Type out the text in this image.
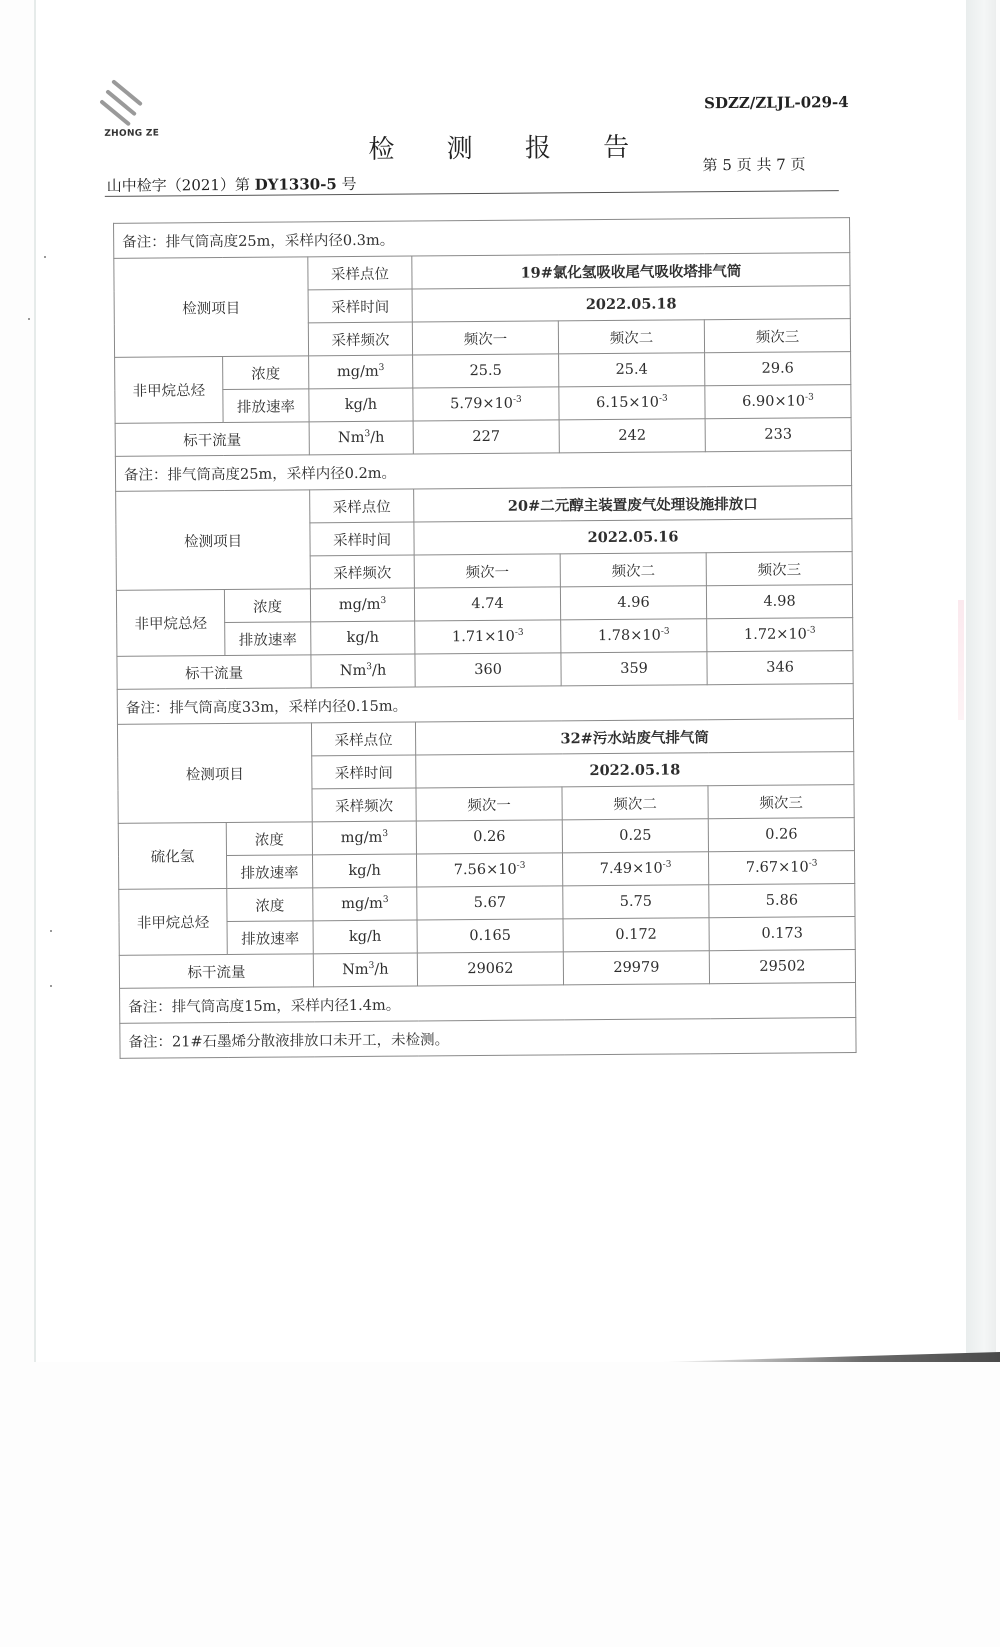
ZHONG ZE
SDZZ/ZLJL-029-4
检 测 报 告
山中检字（2021）第 DY1330-5 号
第 5 页 共 7 页
备注：排气筒高度25m，采样内径0.3m。					
检测项目		采样点位	19#氯化氢吸收尾气吸收塔排气筒		
		采样时间	2022.05.18		
		采样频次	频次一	频次二	频次三
非甲烷总烃	浓度	$mg/m^3$	25.5	25.4	29.6
	排放速率	kg/h	$5.79\times 10^{-3}$	$6.15\times 10^{-3}$	$6.90\times 10^{-3}$
标干流量		Nm$^3$/h	227	242	233
备注：排气筒高度25m，采样内径0.2m。					
检测项目		采样点位	20#二元醇主装置废气处理设施排放口		
		采样时间	2022.05.16		
		采样频次	频次一	频次二	频次三
非甲烷总烃	浓度	$mg/m^3$	4.74	4.96	4.98
	排放速率	kg/h	$1.71\times 10^{-3}$	$1.78\times 10^{-3}$	$1.72\times 10^{-3}$
标干流量		Nm$^3$/h	360	359	346
备注：排气筒高度33m，采样内径0.15m。					
检测项目		采样点位	32#污水站废气排气筒		
		采样时间	2022.05.18		
		采样频次	频次一	频次二	频次三
硫化氢	浓度	$mg/m^3$	0.26	0.25	0.26
	排放速率	kg/h	$7.56\times 10^{-3}$	$7.49\times 10^{-3}$	$7.67\times 10^{-3}$
非甲烷总烃	浓度	$mg/m^3$	5.67	5.75	5.86
	排放速率	kg/h	0.165	0.172	0.173
标干流量		Nm$^3$/h	29062	29979	29502
备注：排气筒高度15m，采样内径1.4m。					
备注：21#石墨烯分散液排放口未开工，未检测。					
